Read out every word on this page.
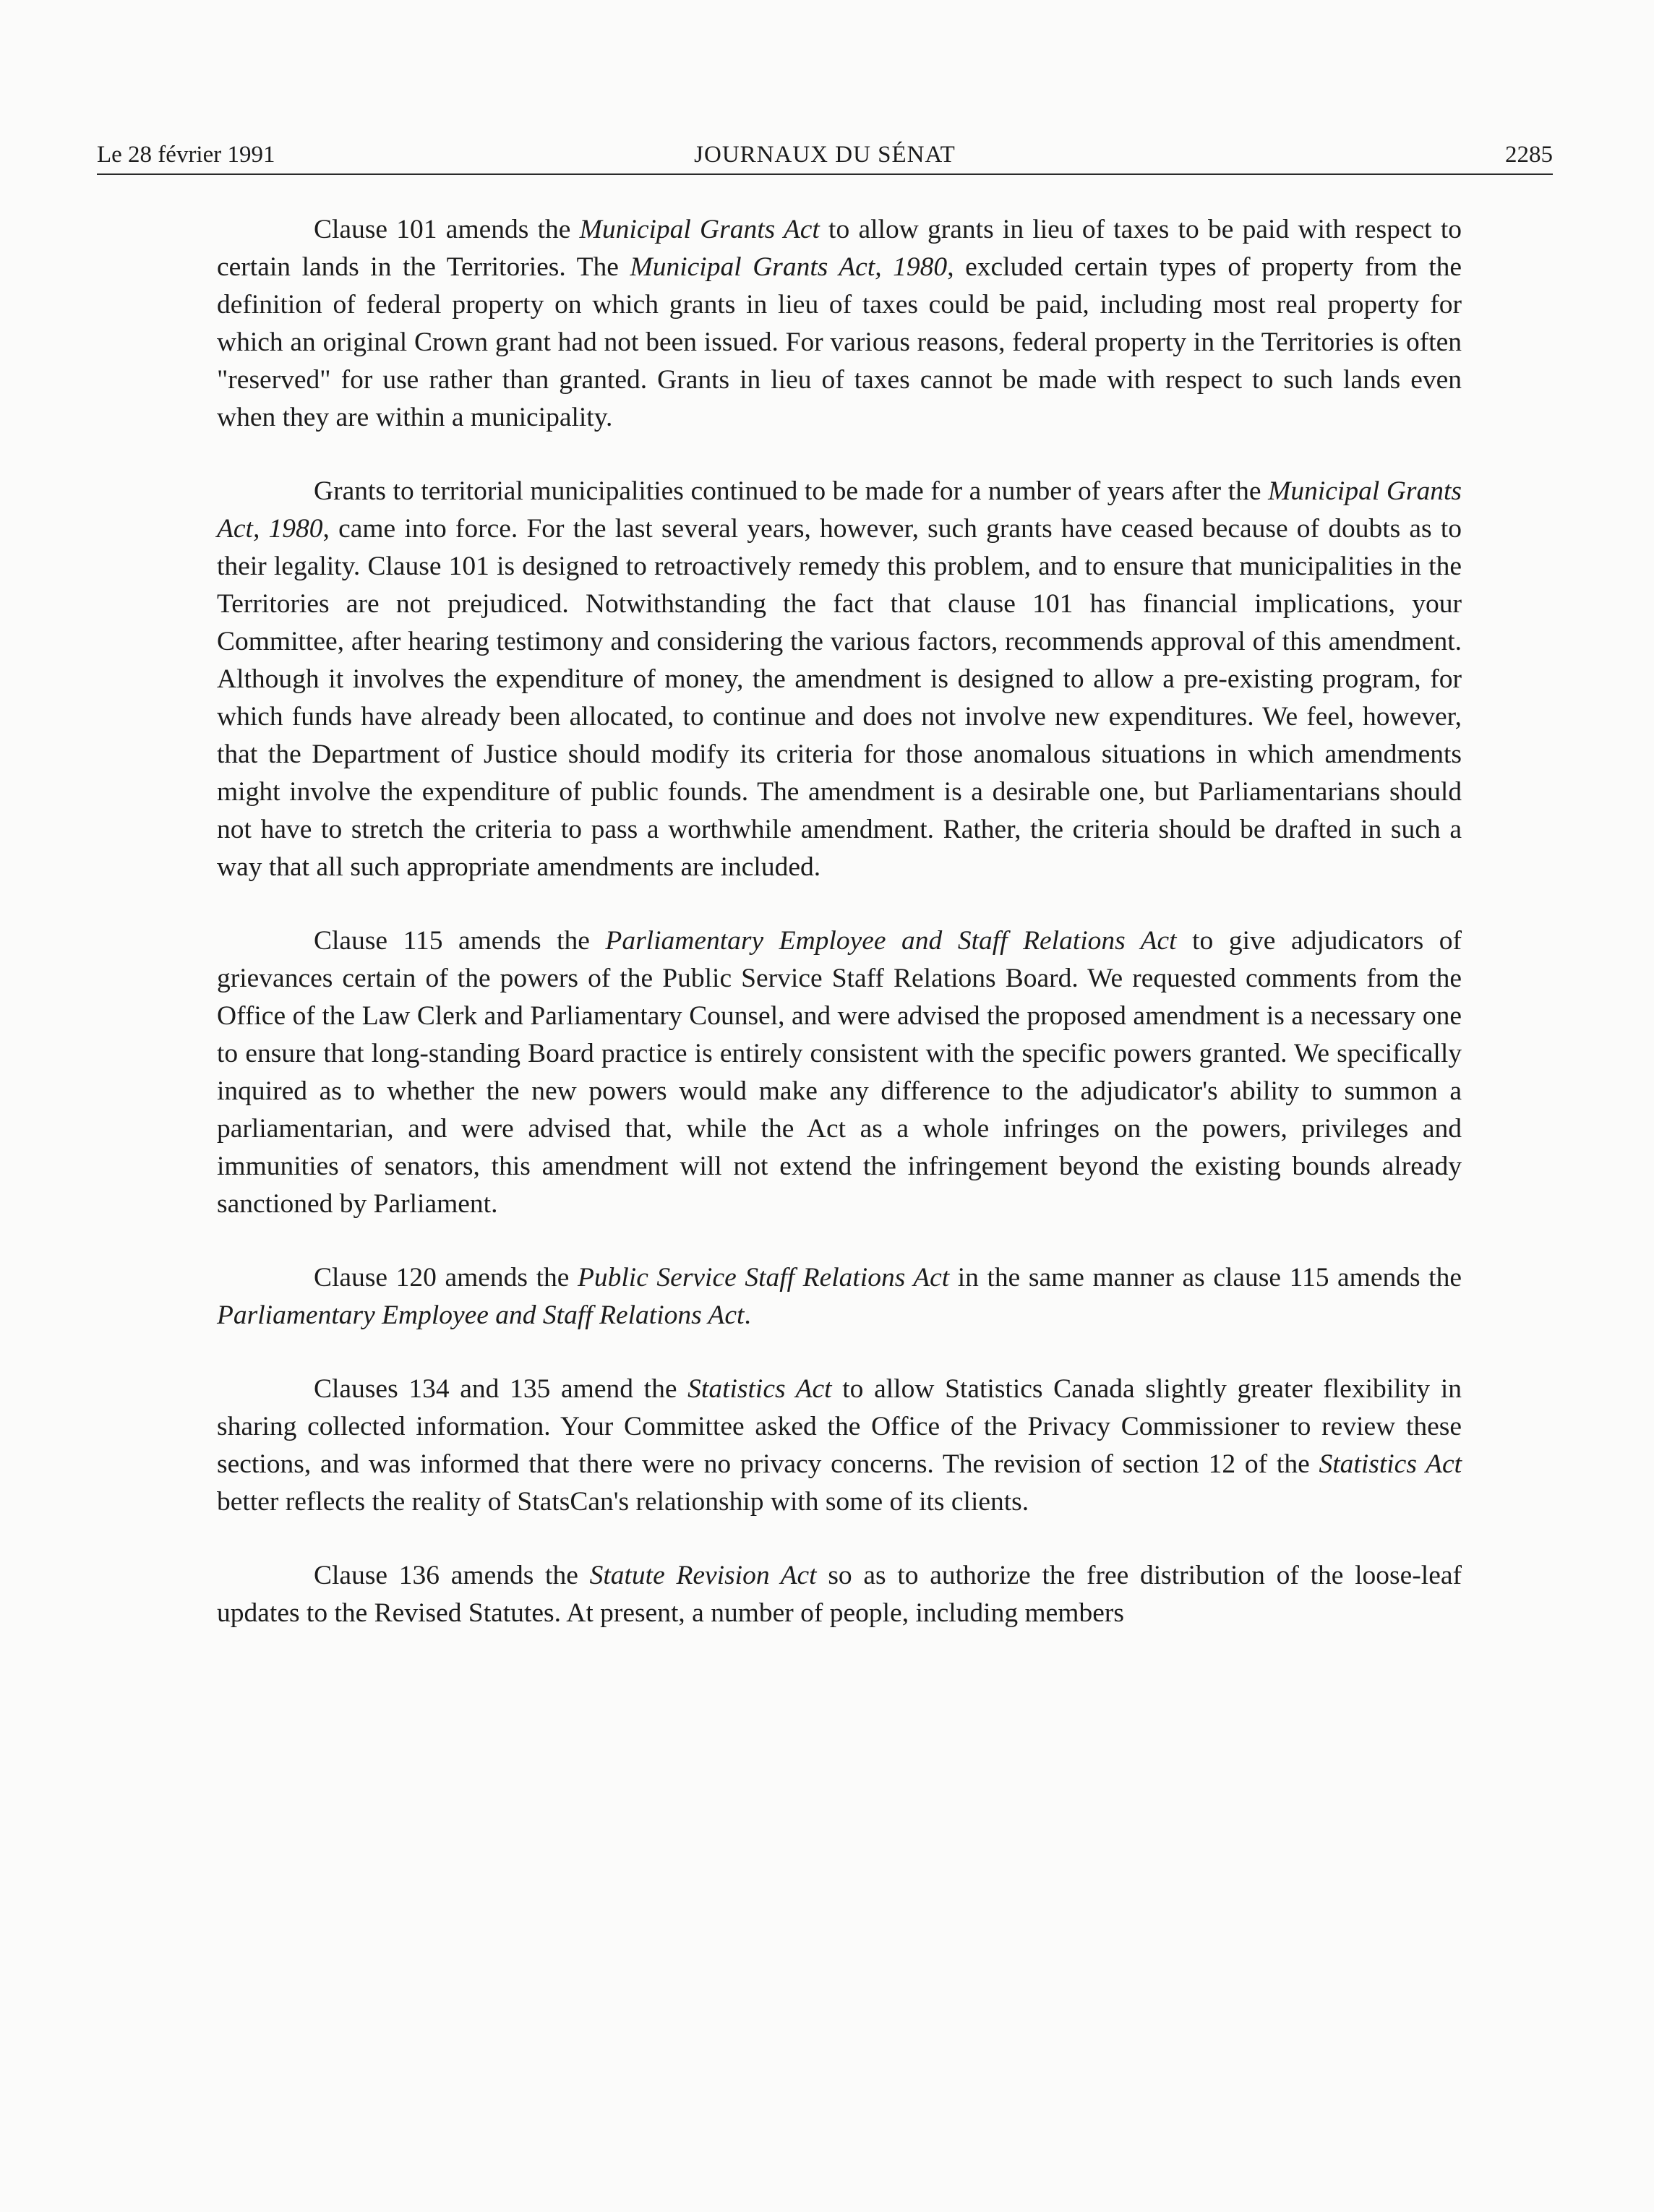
Le 28 février 1991	JOURNAUX DU SÉNAT	2285

Clause 101 amends the Municipal Grants Act to allow grants in lieu of taxes to be paid with respect to certain lands in the Territories. The Municipal Grants Act, 1980, excluded certain types of property from the definition of federal property on which grants in lieu of taxes could be paid, including most real property for which an original Crown grant had not been issued. For various reasons, federal property in the Territories is often "reserved" for use rather than granted. Grants in lieu of taxes cannot be made with respect to such lands even when they are within a municipality.

Grants to territorial municipalities continued to be made for a number of years after the Municipal Grants Act, 1980, came into force. For the last several years, however, such grants have ceased because of doubts as to their legality. Clause 101 is designed to retroactively remedy this problem, and to ensure that municipalities in the Territories are not prejudiced. Notwithstanding the fact that clause 101 has financial implications, your Committee, after hearing testimony and considering the various factors, recommends approval of this amendment. Although it involves the expenditure of money, the amendment is designed to allow a pre-existing program, for which funds have already been allocated, to continue and does not involve new expenditures. We feel, however, that the Department of Justice should modify its criteria for those anomalous situations in which amendments might involve the expenditure of public founds. The amendment is a desirable one, but Parliamentarians should not have to stretch the criteria to pass a worthwhile amendment. Rather, the criteria should be drafted in such a way that all such appropriate amendments are included.

Clause 115 amends the Parliamentary Employee and Staff Relations Act to give adjudicators of grievances certain of the powers of the Public Service Staff Relations Board. We requested comments from the Office of the Law Clerk and Parliamentary Counsel, and were advised the proposed amendment is a necessary one to ensure that long-standing Board practice is entirely consistent with the specific powers granted. We specifically inquired as to whether the new powers would make any difference to the adjudicator's ability to summon a parliamentarian, and were advised that, while the Act as a whole infringes on the powers, privileges and immunities of senators, this amendment will not extend the infringement beyond the existing bounds already sanctioned by Parliament.

Clause 120 amends the Public Service Staff Relations Act in the same manner as clause 115 amends the Parliamentary Employee and Staff Relations Act.

Clauses 134 and 135 amend the Statistics Act to allow Statistics Canada slightly greater flexibility in sharing collected information. Your Committee asked the Office of the Privacy Commissioner to review these sections, and was informed that there were no privacy concerns. The revision of section 12 of the Statistics Act better reflects the reality of StatsCan's relationship with some of its clients.

Clause 136 amends the Statute Revision Act so as to authorize the free distribution of the loose-leaf updates to the Revised Statutes. At present, a number of people, including members
